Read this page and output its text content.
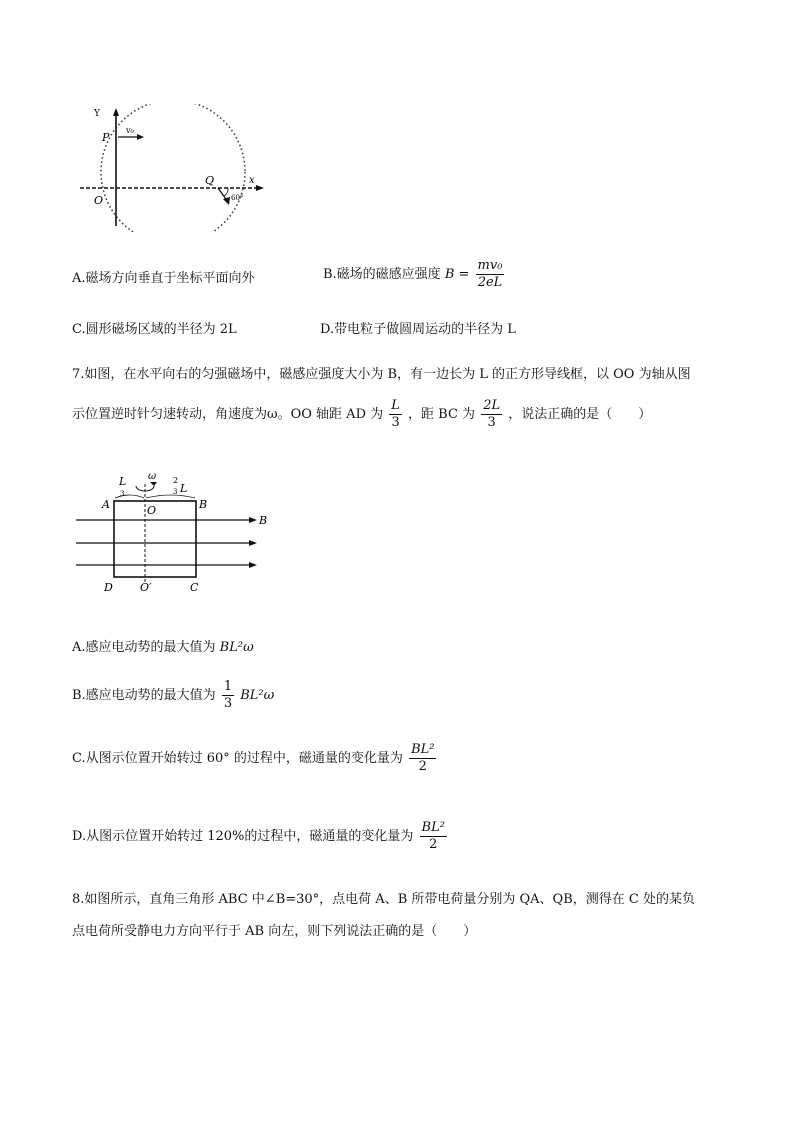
Y
P
v₀
O
Q	x
60°
A.磁场方向垂直于坐标平面向外	B.磁场的磁感应强度 $B = \frac{\text{mv₀}}{2eL}$
C.圆形磁场区域的半径为 2L	D.带电粒子做圆周运动的半径为 L
7.如图，在水平向右的匀强磁场中，磁感应强度大小为 B，有一边长为 L 的正方形导线框，以 OO 为轴从图
示位置逆时针匀速转动，角速度为ω。OO 轴距 AD 为 $\frac{L}{3}$ ，距 BC 为 $\frac{2L}{3}$ ，说法正确的是（　　）
L
3
ω 2
3 L
A	O	B
B
D O′	C
A.感应电动势的最大值为 BL²ω
B.感应电动势的最大值为 $\frac{1}{3} BL^2\omega$
C.从图示位置开始转过 60° 的过程中，磁通量的变化量为 $\frac{\text{BL²}}{2}$
D.从图示位置开始转过 120%的过程中，磁通量的变化量为 $\frac{\text{BL²}}{2}$
8.如图所示，直角三角形 ABC 中∠B=30°，点电荷 A、B 所带电荷量分别为 QA、QB，测得在 C 处的某负
点电荷所受静电力方向平行于 AB 向左，则下列说法正确的是（　　）
